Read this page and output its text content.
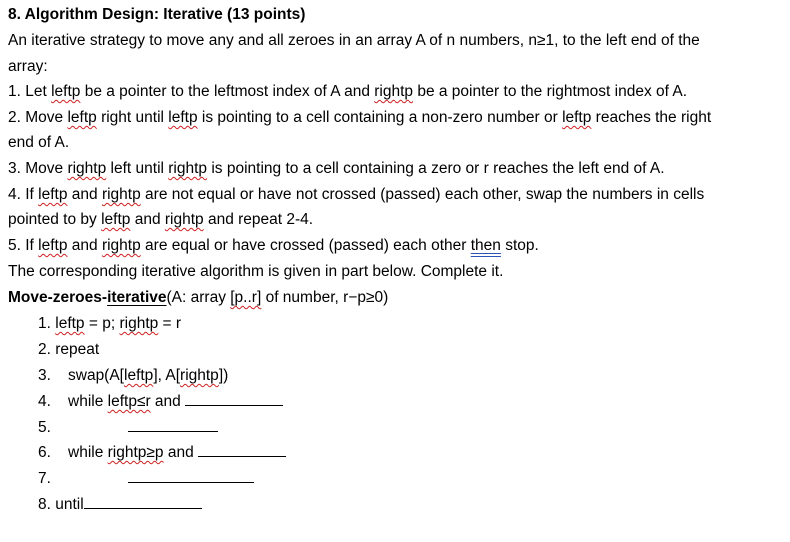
8. Algorithm Design: Iterative (13 points)
An iterative strategy to move any and all zeroes in an array A of n numbers, n≥1, to the left end of the
array:
1. Let leftp be a pointer to the leftmost index of A and rightp be a pointer to the rightmost index of A.
2. Move leftp right until leftp is pointing to a cell containing a non-zero number or leftp reaches the right
end of A.
3. Move rightp left until rightp is pointing to a cell containing a zero or r reaches the left end of A.
4. If leftp and rightp are not equal or have not crossed (passed) each other, swap the numbers in cells
pointed to by leftp and rightp and repeat 2-4.
5. If leftp and rightp are equal or have crossed (passed) each other then stop.
The corresponding iterative algorithm is given in part below. Complete it.
Move-zeroes-iterative(A: array [p..r] of number, r−p≥0)
1. leftp = p; rightp = r
2. repeat
3. swap(A[leftp], A[rightp])
4. while leftp≤r and
5.
6. while rightp≥p and
7.
8. until
